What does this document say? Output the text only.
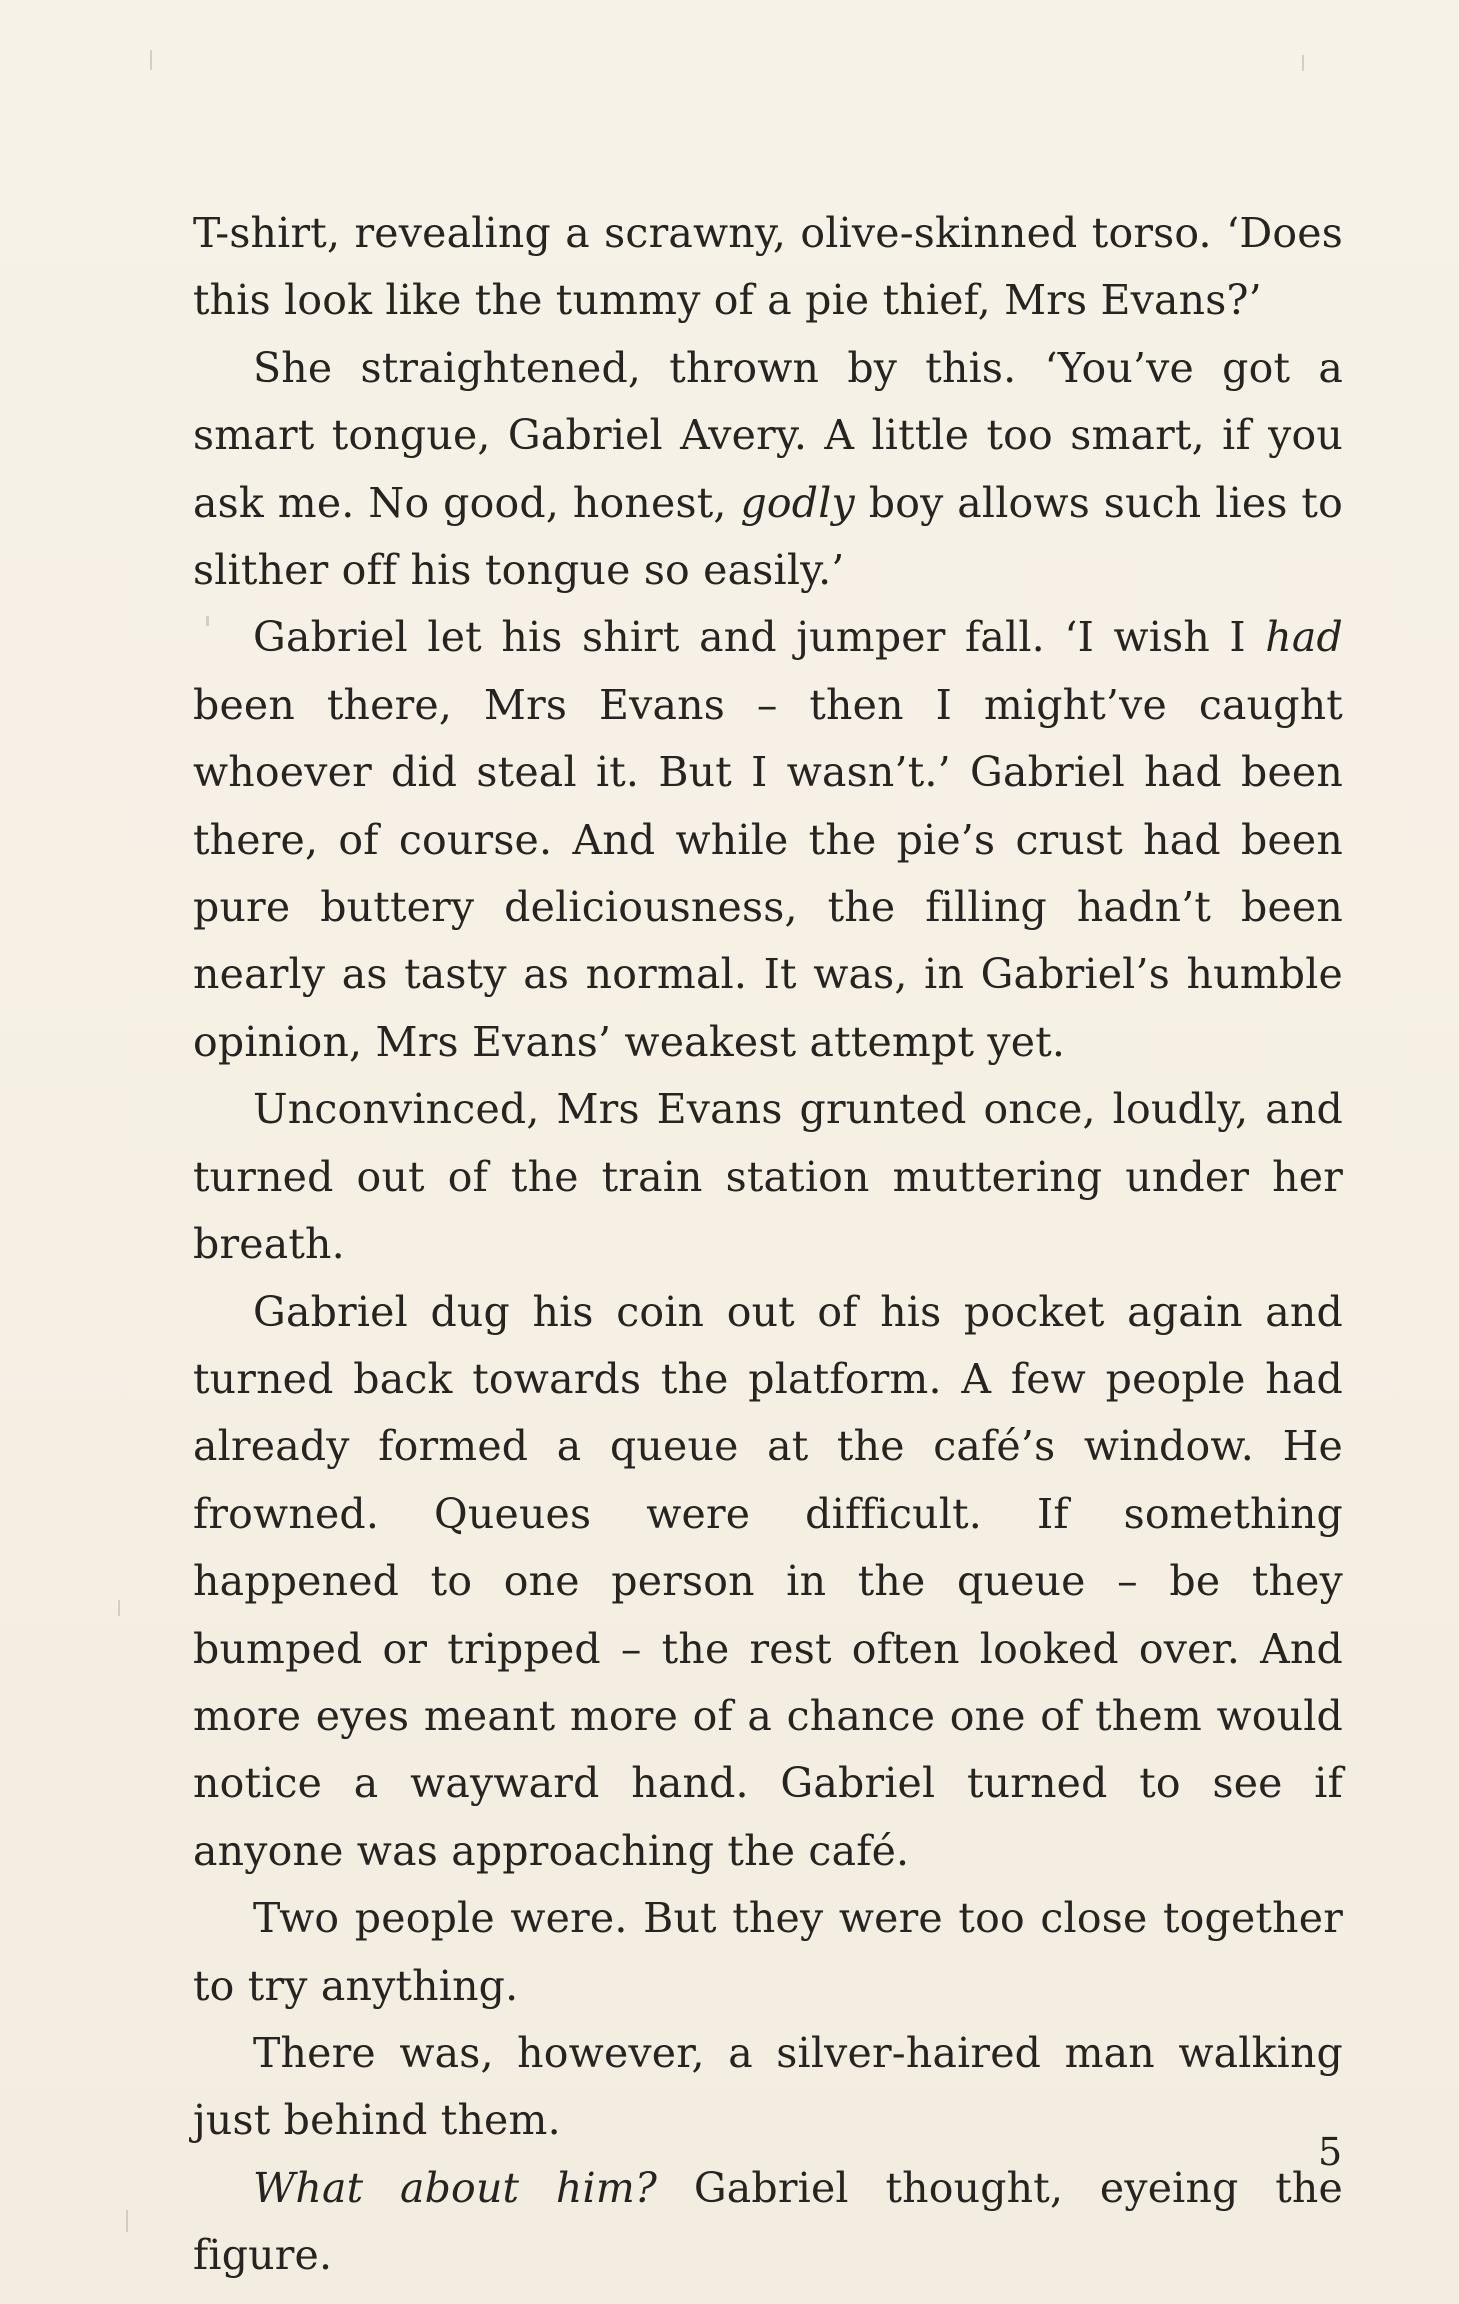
T-shirt, revealing a scrawny, olive-skinned torso. ‘Does this look like the tummy of a pie thief, Mrs Evans?’

She straightened, thrown by this. ‘You’ve got a smart tongue, Gabriel Avery. A little too smart, if you ask me. No good, honest, godly boy allows such lies to slither off his tongue so easily.’

Gabriel let his shirt and jumper fall. ‘I wish I had been there, Mrs Evans – then I might’ve caught whoever did steal it. But I wasn’t.’ Gabriel had been there, of course. And while the pie’s crust had been pure buttery deliciousness, the filling hadn’t been nearly as tasty as normal. It was, in Gabriel’s humble opinion, Mrs Evans’ weakest attempt yet.

Unconvinced, Mrs Evans grunted once, loudly, and turned out of the train station muttering under her breath.

Gabriel dug his coin out of his pocket again and turned back towards the platform. A few people had already formed a queue at the café’s window. He frowned. Queues were difficult. If something happened to one person in the queue – be they bumped or tripped – the rest often looked over. And more eyes meant more of a chance one of them would notice a wayward hand. Gabriel turned to see if anyone was approaching the café.

Two people were. But they were too close together to try anything.

There was, however, a silver-haired man walking just behind them.

What about him? Gabriel thought, eyeing the figure.

5
